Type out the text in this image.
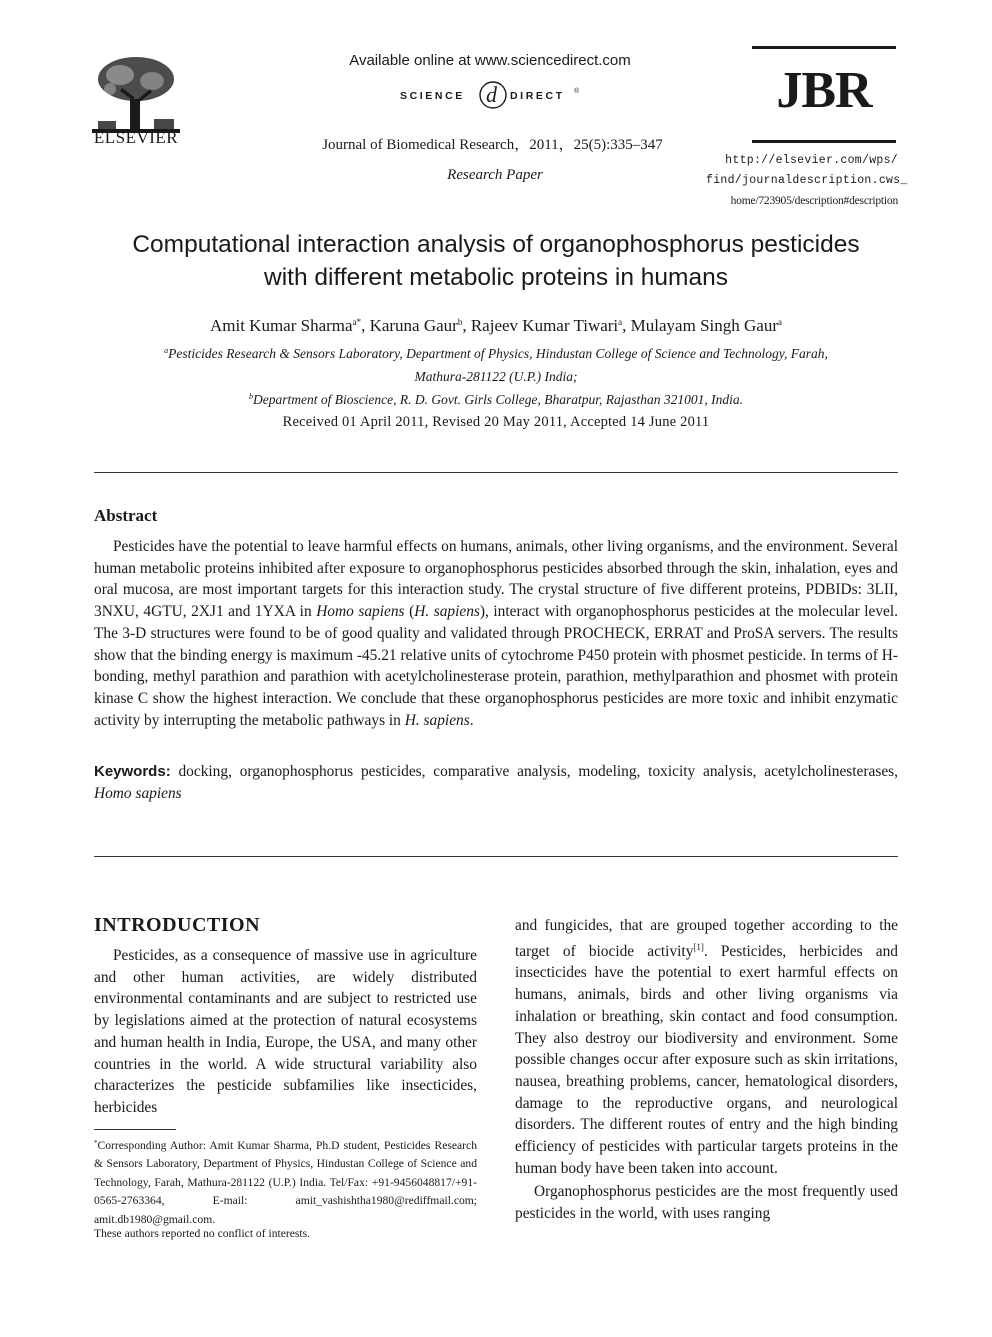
ELSEVIER
Available online at www.sciencedirect.com
SCIENCE d DIRECT ®
Journal of Biomedical Research，2011，25(5):335–347
Research Paper
JBR
http://elsevier.com/wps/
find/journaldescription.cws_
home/723905/description#description
Computational interaction analysis of organophosphorus pesticides
with different metabolic proteins in humans
Amit Kumar Sharma$^{a*}$, Karuna Gaur$^b$, Rajeev Kumar Tiwari$^a$, Mulayam Singh Gaur$^a$
$^a$Pesticides Research & Sensors Laboratory, Department of Physics, Hindustan College of Science and Technology, Farah,
Mathura-281122 (U.P.) India;
$^b$Department of Bioscience, R. D. Govt. Girls College, Bharatpur, Rajasthan 321001, India.
Received 01 April 2011, Revised 20 May 2011, Accepted 14 June 2011
Abstract
Pesticides have the potential to leave harmful effects on humans, animals, other living organisms, and the environment. Several human metabolic proteins inhibited after exposure to organophosphorus pesticides absorbed through the skin, inhalation, eyes and oral mucosa, are most important targets for this interaction study. The crystal structure of five different proteins, PDBIDs: 3LII, 3NXU, 4GTU, 2XJ1 and 1YXA in Homo sapiens (H. sapiens), interact with organophosphorus pesticides at the molecular level. The 3-D structures were found to be of good quality and validated through PROCHECK, ERRAT and ProSA servers. The results show that the binding energy is maximum -45.21 relative units of cytochrome P450 protein with phosmet pesticide. In terms of H-bonding, methyl parathion and parathion with acetylcholinesterase protein, parathion, methylparathion and phosmet with protein kinase C show the highest interaction. We conclude that these organophosphorus pesticides are more toxic and inhibit enzymatic activity by interrupting the metabolic pathways in H. sapiens.
Keywords: docking, organophosphorus pesticides, comparative analysis, modeling, toxicity analysis, acetylcholinesterases, Homo sapiens
INTRODUCTION
Pesticides, as a consequence of massive use in agriculture and other human activities, are widely distributed environmental contaminants and are subject to restricted use by legislations aimed at the protection of natural ecosystems and human health in India, Europe, the USA, and many other countries in the world. A wide structural variability also characterizes the pesticide subfamilies like insecticides, herbicides
*Corresponding Author: Amit Kumar Sharma, Ph.D student, Pesticides Research & Sensors Laboratory, Department of Physics, Hindustan College of Science and Technology, Farah, Mathura-281122 (U.P.) India. Tel/Fax: +91-9456048817/+91-0565-2763364, E-mail: amit_vashishtha1980@rediffmail.com; amit.db1980@gmail.com.
These authors reported no conflict of interests.

and fungicides, that are grouped together according to the target of biocide activity[1]. Pesticides, herbicides and insecticides have the potential to exert harmful effects on humans, animals, birds and other living organisms via inhalation or breathing, skin contact and food consumption. They also destroy our biodiversity and environment. Some possible changes occur after exposure such as skin irritations, nausea, breathing problems, cancer, hematological disorders, damage to the reproductive organs, and neurological disorders. The different routes of entry and the high binding efficiency of pesticides with particular targets proteins in the human body have been taken into account.

Organophosphorus pesticides are the most frequently used pesticides in the world, with uses ranging
